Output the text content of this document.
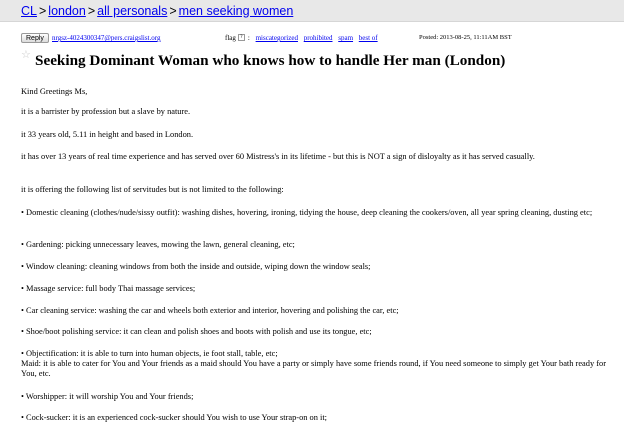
CL > london > all personals > men seeking women
Reply	nrgsz-4024300347@pers.craigslist.org	flag ? : miscategorized prohibited spam best of	Posted: 2013-08-25, 11:11AM BST
☆ Seeking Dominant Woman who knows how to handle Her man (London)

Kind Greetings Ms,

it is a barrister by profession but a slave by nature.

it 33 years old, 5.11 in height and based in London.

it has over 13 years of real time experience and has served over 60 Mistress's in its lifetime - but this is NOT a sign of disloyalty as it has served casually.

it is offering the following list of servitudes but is not limited to the following:

• Domestic cleaning (clothes/nude/sissy outfit): washing dishes, hovering, ironing, tidying the house, deep cleaning the cookers/oven, all year spring cleaning, dusting etc;

• Gardening: picking unnecessary leaves, mowing the lawn, general cleaning, etc;

• Window cleaning: cleaning windows from both the inside and outside, wiping down the window seals;

• Massage service: full body Thai massage services;

• Car cleaning service: washing the car and wheels both exterior and interior, hovering and polishing the car, etc;

• Shoe/boot polishing service: it can clean and polish shoes and boots with polish and use its tongue, etc;

• Objectification: it is able to turn into human objects, ie foot stall, table, etc;

Maid: it is able to cater for You and Your friends as a maid should You have a party or simply have some friends round, if You need someone to simply get Your bath ready for You, etc.

• Worshipper: it will worship You and Your friends;

• Cock-sucker: it is an experienced cock-sucker should You wish to use Your strap-on on it;
